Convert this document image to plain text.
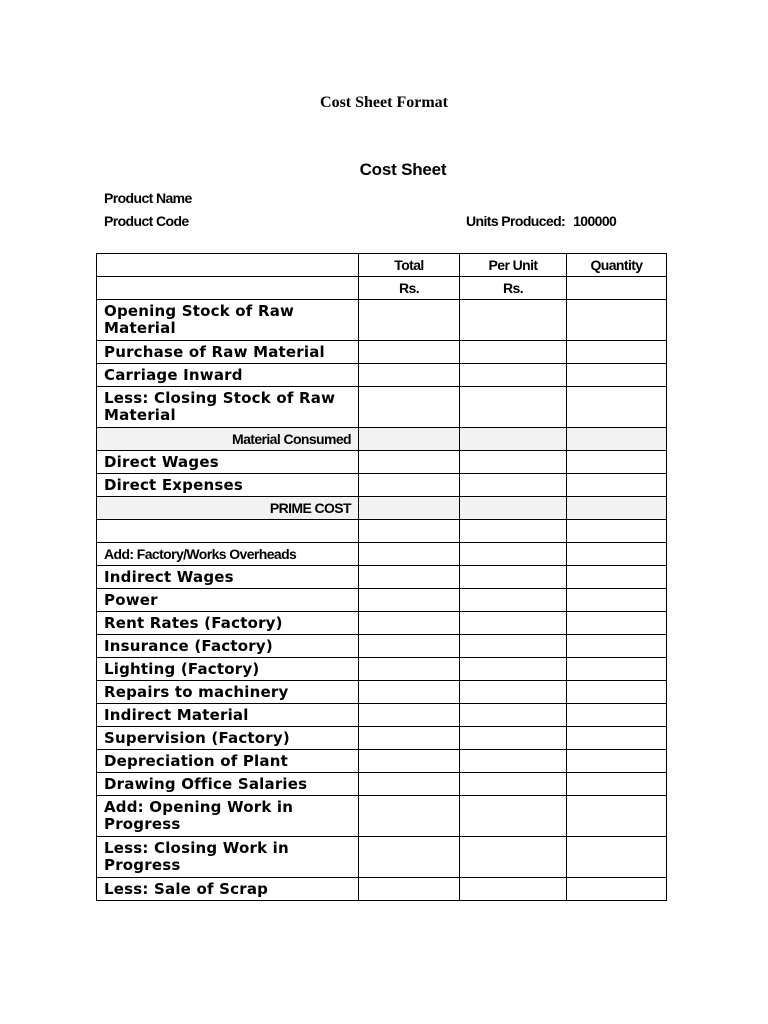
Cost Sheet Format
Cost Sheet
Product Name
Product Code	Units Produced: 100000
	Total	Per Unit	Quantity
	Rs.	Rs.	
Opening Stock of Raw Material			
Purchase of Raw Material			
Carriage Inward			
Less: Closing Stock of Raw Material			
Material Consumed			
Direct Wages			
Direct Expenses			
PRIME COST			

Add: Factory/Works Overheads			
Indirect Wages			
Power			
Rent Rates (Factory)			
Insurance (Factory)			
Lighting (Factory)			
Repairs to machinery			
Indirect Material			
Supervision (Factory)			
Depreciation of Plant			
Drawing Office Salaries			
Add: Opening Work in Progress			
Less: Closing Work in Progress			
Less: Sale of Scrap			
